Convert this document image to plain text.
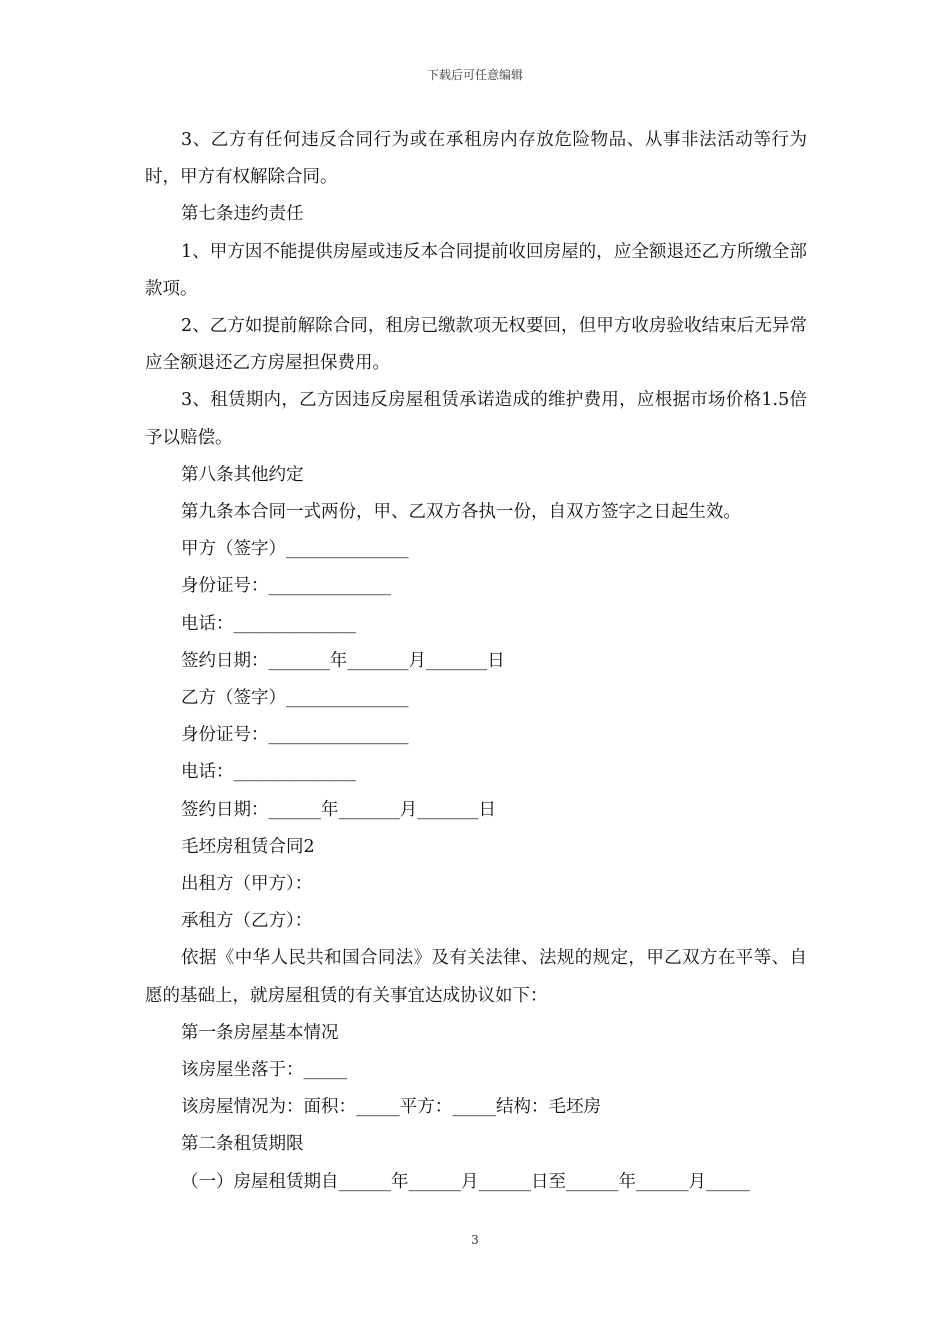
下载后可任意编辑

3、乙方有任何违反合同行为或在承租房内存放危险物品、从事非法活动等行为时，甲方有权解除合同。

第七条违约责任

1、甲方因不能提供房屋或违反本合同提前收回房屋的，应全额退还乙方所缴全部款项。

2、乙方如提前解除合同，租房已缴款项无权要回，但甲方收房验收结束后无异常应全额退还乙方房屋担保费用。

3、租赁期内，乙方因违反房屋租赁承诺造成的维护费用，应根据市场价格1.5倍予以赔偿。

第八条其他约定

第九条本合同一式两份，甲、乙双方各执一份，自双方签字之日起生效。

甲方（签字）______________

身份证号：______________

电话：______________

签约日期：_______年_______月_______日

乙方（签字）______________

身份证号：________________

电话：______________

签约日期：______年_______月_______日

毛坯房租赁合同2

出租方（甲方）：

承租方（乙方）：

依据《中华人民共和国合同法》及有关法律、法规的规定，甲乙双方在平等、自愿的基础上，就房屋租赁的有关事宜达成协议如下：

第一条房屋基本情况

该房屋坐落于：_____

该房屋情况为：面积：_____平方：_____结构：毛坯房

第二条租赁期限

（一）房屋租赁期自______年______月______日至______年______月_____

3
